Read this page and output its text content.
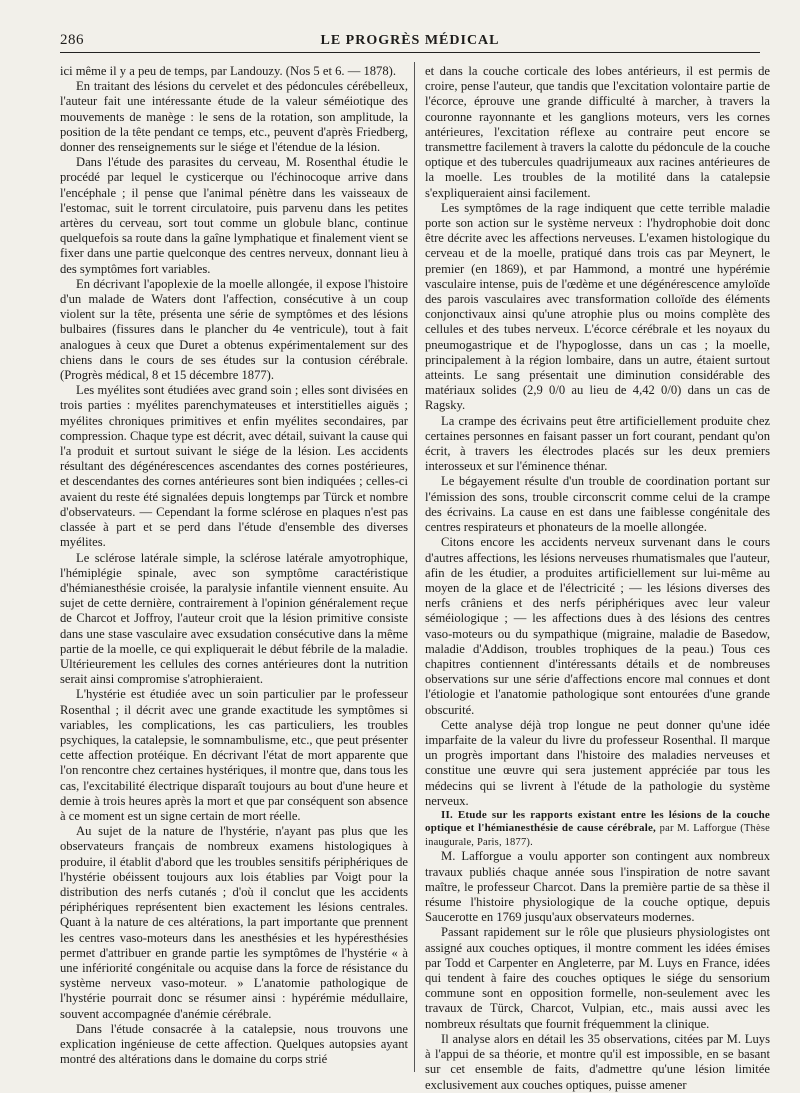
286	LE PROGRÈS MÉDICAL

ici même il y a peu de temps, par Landouzy. (Nos 5 et 6. — 1878).

En traitant des lésions du cervelet et des pédoncules cérébelleux, l'auteur fait une intéressante étude de la valeur séméiotique des mouvements de manège : le sens de la rotation, son amplitude, la position de la tête pendant ce temps, etc., peuvent d'après Friedberg, donner des renseignements sur le siége et l'étendue de la lésion.

Dans l'étude des parasites du cerveau, M. Rosenthal étudie le procédé par lequel le cysticerque ou l'échinocoque arrive dans l'encéphale ; il pense que l'animal pénètre dans les vaisseaux de l'estomac, suit le torrent circulatoire, puis parvenu dans les petites artères du cerveau, sort tout comme un globule blanc, continue quelquefois sa route dans la gaîne lymphatique et finalement vient se fixer dans une partie quelconque des centres nerveux, donnant lieu à des symptômes fort variables.

En décrivant l'apoplexie de la moelle allongée, il expose l'histoire d'un malade de Waters dont l'affection, consécutive à un coup violent sur la tête, présenta une série de symptômes et des lésions bulbaires (fissures dans le plancher du 4e ventricule), tout à fait analogues à ceux que Duret a obtenus expérimentalement sur des chiens dans le cours de ses études sur la contusion cérébrale. (Progrès médical, 8 et 15 décembre 1877).

Les myélites sont étudiées avec grand soin ; elles sont divisées en trois parties : myélites parenchymateuses et interstitielles aiguës ; myélites chroniques primitives et enfin myélites secondaires, par compression. Chaque type est décrit, avec détail, suivant la cause qui l'a produit et surtout suivant le siége de la lésion. Les accidents résultant des dégénérescences ascendantes des cornes postérieures, et descendantes des cornes antérieures sont bien indiquées ; celles-ci avaient du reste été signalées depuis longtemps par Türck et nombre d'observateurs. — Cependant la forme sclérose en plaques n'est pas classée à part et se perd dans l'étude d'ensemble des diverses myélites.

Le sclérose latérale simple, la sclérose latérale amyotrophique, l'hémiplégie spinale, avec son symptôme caractéristique d'hémianesthésie croisée, la paralysie infantile viennent ensuite. Au sujet de cette dernière, contrairement à l'opinion généralement reçue de Charcot et Joffroy, l'auteur croit que la lésion primitive consiste dans une stase vasculaire avec exsudation consécutive dans la même partie de la moelle, ce qui expliquerait le début fébrile de la maladie. Ultérieurement les cellules des cornes antérieures dont la nutrition serait ainsi compromise s'atrophieraient.

L'hystérie est étudiée avec un soin particulier par le professeur Rosenthal ; il décrit avec une grande exactitude les symptômes si variables, les complications, les cas particuliers, les troubles psychiques, la catalepsie, le somnambulisme, etc., que peut présenter cette affection protéique. En décrivant l'état de mort apparente que l'on rencontre chez certaines hystériques, il montre que, dans tous les cas, l'excitabilité électrique disparaît toujours au bout d'une heure et demie à trois heures après la mort et que par conséquent son absence à ce moment est un signe certain de mort réelle.

Au sujet de la nature de l'hystérie, n'ayant pas plus que les observateurs français de nombreux examens histologiques à produire, il établit d'abord que les troubles sensitifs périphériques de l'hystérie obéissent toujours aux lois établies par Voigt pour la distribution des nerfs cutanés ; d'où il conclut que les accidents périphériques représentent bien exactement les lésions centrales. Quant à la nature de ces altérations, la part importante que prennent les centres vaso-moteurs dans les anesthésies et les hypéresthésies permet d'attribuer en grande partie les symptômes de l'hystérie « à une infériorité congénitale ou acquise dans la force de résistance du système nerveux vaso-moteur. » L'anatomie pathologique de l'hystérie pourrait donc se résumer ainsi : hypérémie médullaire, souvent accompagnée d'anémie cérébrale.

Dans l'étude consacrée à la catalepsie, nous trouvons une explication ingénieuse de cette affection. Quelques autopsies ayant montré des altérations dans le domaine du corps strié

et dans la couche corticale des lobes antérieurs, il est permis de croire, pense l'auteur, que tandis que l'excitation volontaire partie de l'écorce, éprouve une grande difficulté à marcher, à travers la couronne rayonnante et les ganglions moteurs, vers les cornes antérieures, l'excitation réflexe au contraire peut encore se transmettre facilement à travers la calotte du pédoncule de la couche optique et des tubercules quadrijumeaux aux racines antérieures de la moelle. Les troubles de la motilité dans la catalepsie s'expliqueraient ainsi facilement.

Les symptômes de la rage indiquent que cette terrible maladie porte son action sur le système nerveux : l'hydrophobie doit donc être décrite avec les affections nerveuses. L'examen histologique du cerveau et de la moelle, pratiqué dans trois cas par Meynert, le premier (en 1869), et par Hammond, a montré une hypérémie vasculaire intense, puis de l'œdème et une dégénérescence amyloïde des parois vasculaires avec transformation colloïde des éléments conjonctivaux ainsi qu'une atrophie plus ou moins complète des cellules et des tubes nerveux. L'écorce cérébrale et les noyaux du pneumogastrique et de l'hypoglosse, dans un cas ; la moelle, principalement à la région lombaire, dans un autre, étaient surtout atteints. Le sang présentait une diminution considérable des matériaux solides (2,9 0/0 au lieu de 4,42 0/0) dans un cas de Ragsky.

La crampe des écrivains peut être artificiellement produite chez certaines personnes en faisant passer un fort courant, pendant qu'on écrit, à travers les électrodes placés sur les deux premiers interosseux et sur l'éminence thénar.

Le bégayement résulte d'un trouble de coordination portant sur l'émission des sons, trouble circonscrit comme celui de la crampe des écrivains. La cause en est dans une faiblesse congénitale des centres respirateurs et phonateurs de la moelle allongée.

Citons encore les accidents nerveux survenant dans le cours d'autres affections, les lésions nerveuses rhumatismales que l'auteur, afin de les étudier, a produites artificiellement sur lui-même au moyen de la glace et de l'électricité ; — les lésions diverses des nerfs crâniens et des nerfs périphériques avec leur valeur séméiologique ; — les affections dues à des lésions des centres vaso-moteurs ou du sympathique (migraine, maladie de Basedow, maladie d'Addison, troubles trophiques de la peau.) Tous ces chapitres contiennent d'intéressants détails et de nombreuses observations sur une série d'affections encore mal connues et dont l'étiologie et l'anatomie pathologique sont entourées d'une grande obscurité.

Cette analyse déjà trop longue ne peut donner qu'une idée imparfaite de la valeur du livre du professeur Rosenthal. Il marque un progrès important dans l'histoire des maladies nerveuses et constitue une œuvre qui sera justement appréciée par tous les médecins qui se livrent à l'étude de la pathologie du système nerveux.

II. Etude sur les rapports existant entre les lésions de la couche optique et l'hémianesthésie de cause cérébrale, par M. Lafforgue (Thèse inaugurale, Paris, 1877).

M. Lafforgue a voulu apporter son contingent aux nombreux travaux publiés chaque année sous l'inspiration de notre savant maître, le professeur Charcot. Dans la première partie de sa thèse il résume l'histoire physiologique de la couche optique, depuis Saucerotte en 1769 jusqu'aux observateurs modernes.

Passant rapidement sur le rôle que plusieurs physiologistes ont assigné aux couches optiques, il montre comment les idées émises par Todd et Carpenter en Angleterre, par M. Luys en France, idées qui tendent à faire des couches optiques le siége du sensorium commune sont en opposition formelle, non-seulement avec les travaux de Türck, Charcot, Vulpian, etc., mais aussi avec les nombreux résultats que fournit fréquemment la clinique.

Il analyse alors en détail les 35 observations, citées par M. Luys à l'appui de sa théorie, et montre qu'il est impossible, en se basant sur cet ensemble de faits, d'admettre qu'une lésion limitée exclusivement aux couches optiques, puisse amener
